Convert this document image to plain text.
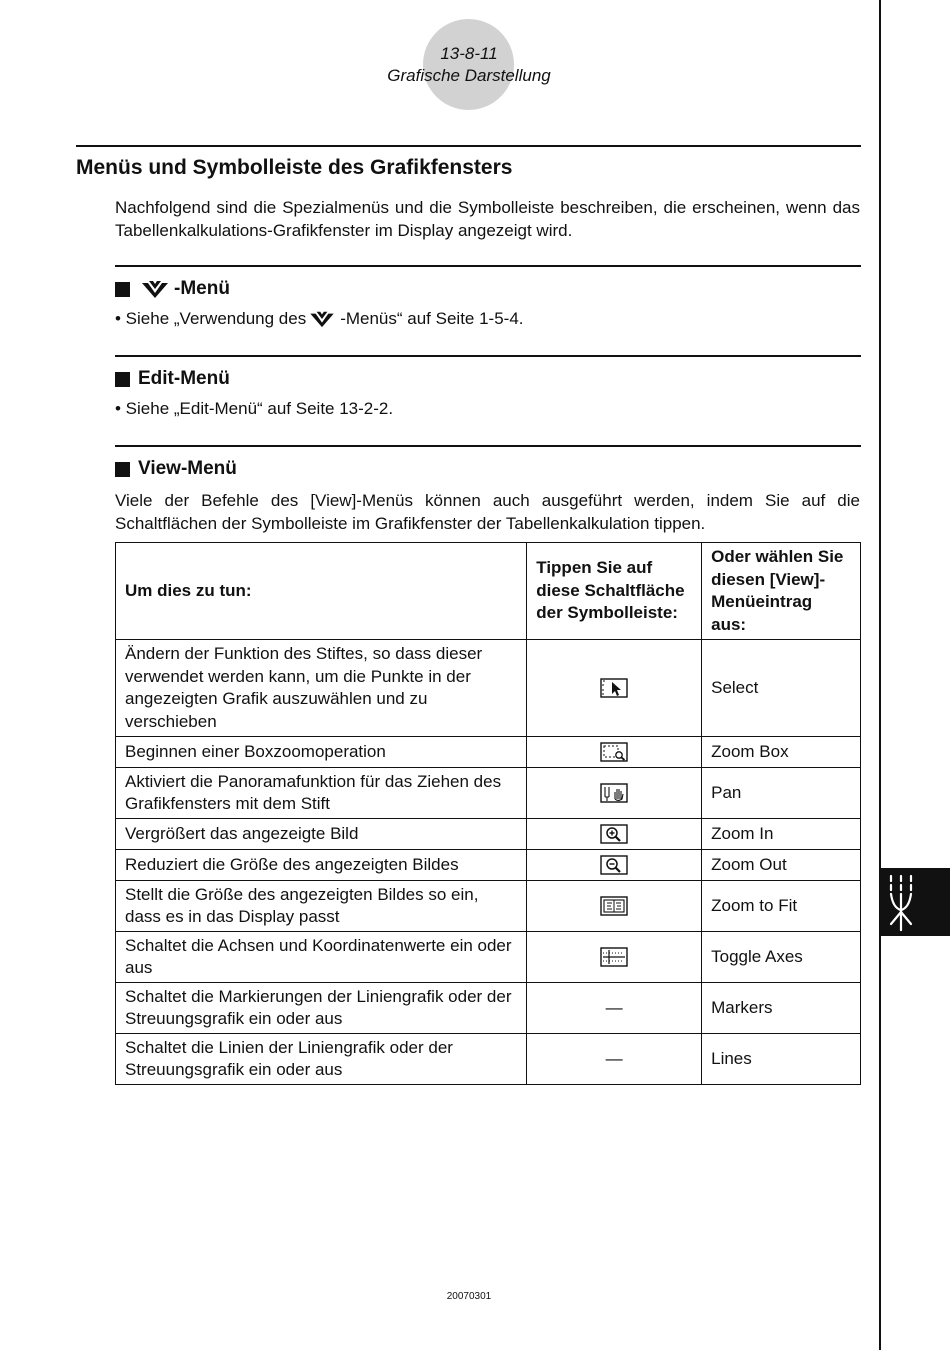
13-8-11
Grafische Darstellung
Menüs und Symbolleiste des Grafikfensters

Nachfolgend sind die Spezialmenüs und die Symbolleiste beschreiben, die erscheinen, wenn das Tabellenkalkulations-Grafikfenster im Display angezeigt wird.

-Menü
• Siehe „Verwendung des -Menüs“ auf Seite 1-5-4.
Edit-Menü
• Siehe „Edit-Menü“ auf Seite 13-2-2.
View-Menü

Viele der Befehle des [View]-Menüs können auch ausgeführt werden, indem Sie auf die Schaltflächen der Symbolleiste im Grafikfenster der Tabellenkalkulation tippen.

Um dies zu tun:	Tippen Sie auf diese Schaltfläche der Symbolleiste:	Oder wählen Sie diesen [View]-Menüeintrag aus:
Ändern der Funktion des Stiftes, so dass dieser verwendet werden kann, um die Punkte in der angezeigten Grafik auszuwählen und zu verschieben		Select
Beginnen einer Boxzoomoperation		Zoom Box
Aktiviert die Panoramafunktion für das Ziehen des Grafikfensters mit dem Stift		Pan
Vergrößert das angezeigte Bild		Zoom In
Reduziert die Größe des angezeigten Bildes		Zoom Out
Stellt die Größe des angezeigten Bildes so ein, dass es in das Display passt		Zoom to Fit
Schaltet die Achsen und Koordinatenwerte ein oder aus		Toggle Axes
Schaltet die Markierungen der Liniengrafik oder der Streuungsgrafik ein oder aus	—	Markers
Schaltet die Linien der Liniengrafik oder der Streuungsgrafik ein oder aus	—	Lines
20070301
